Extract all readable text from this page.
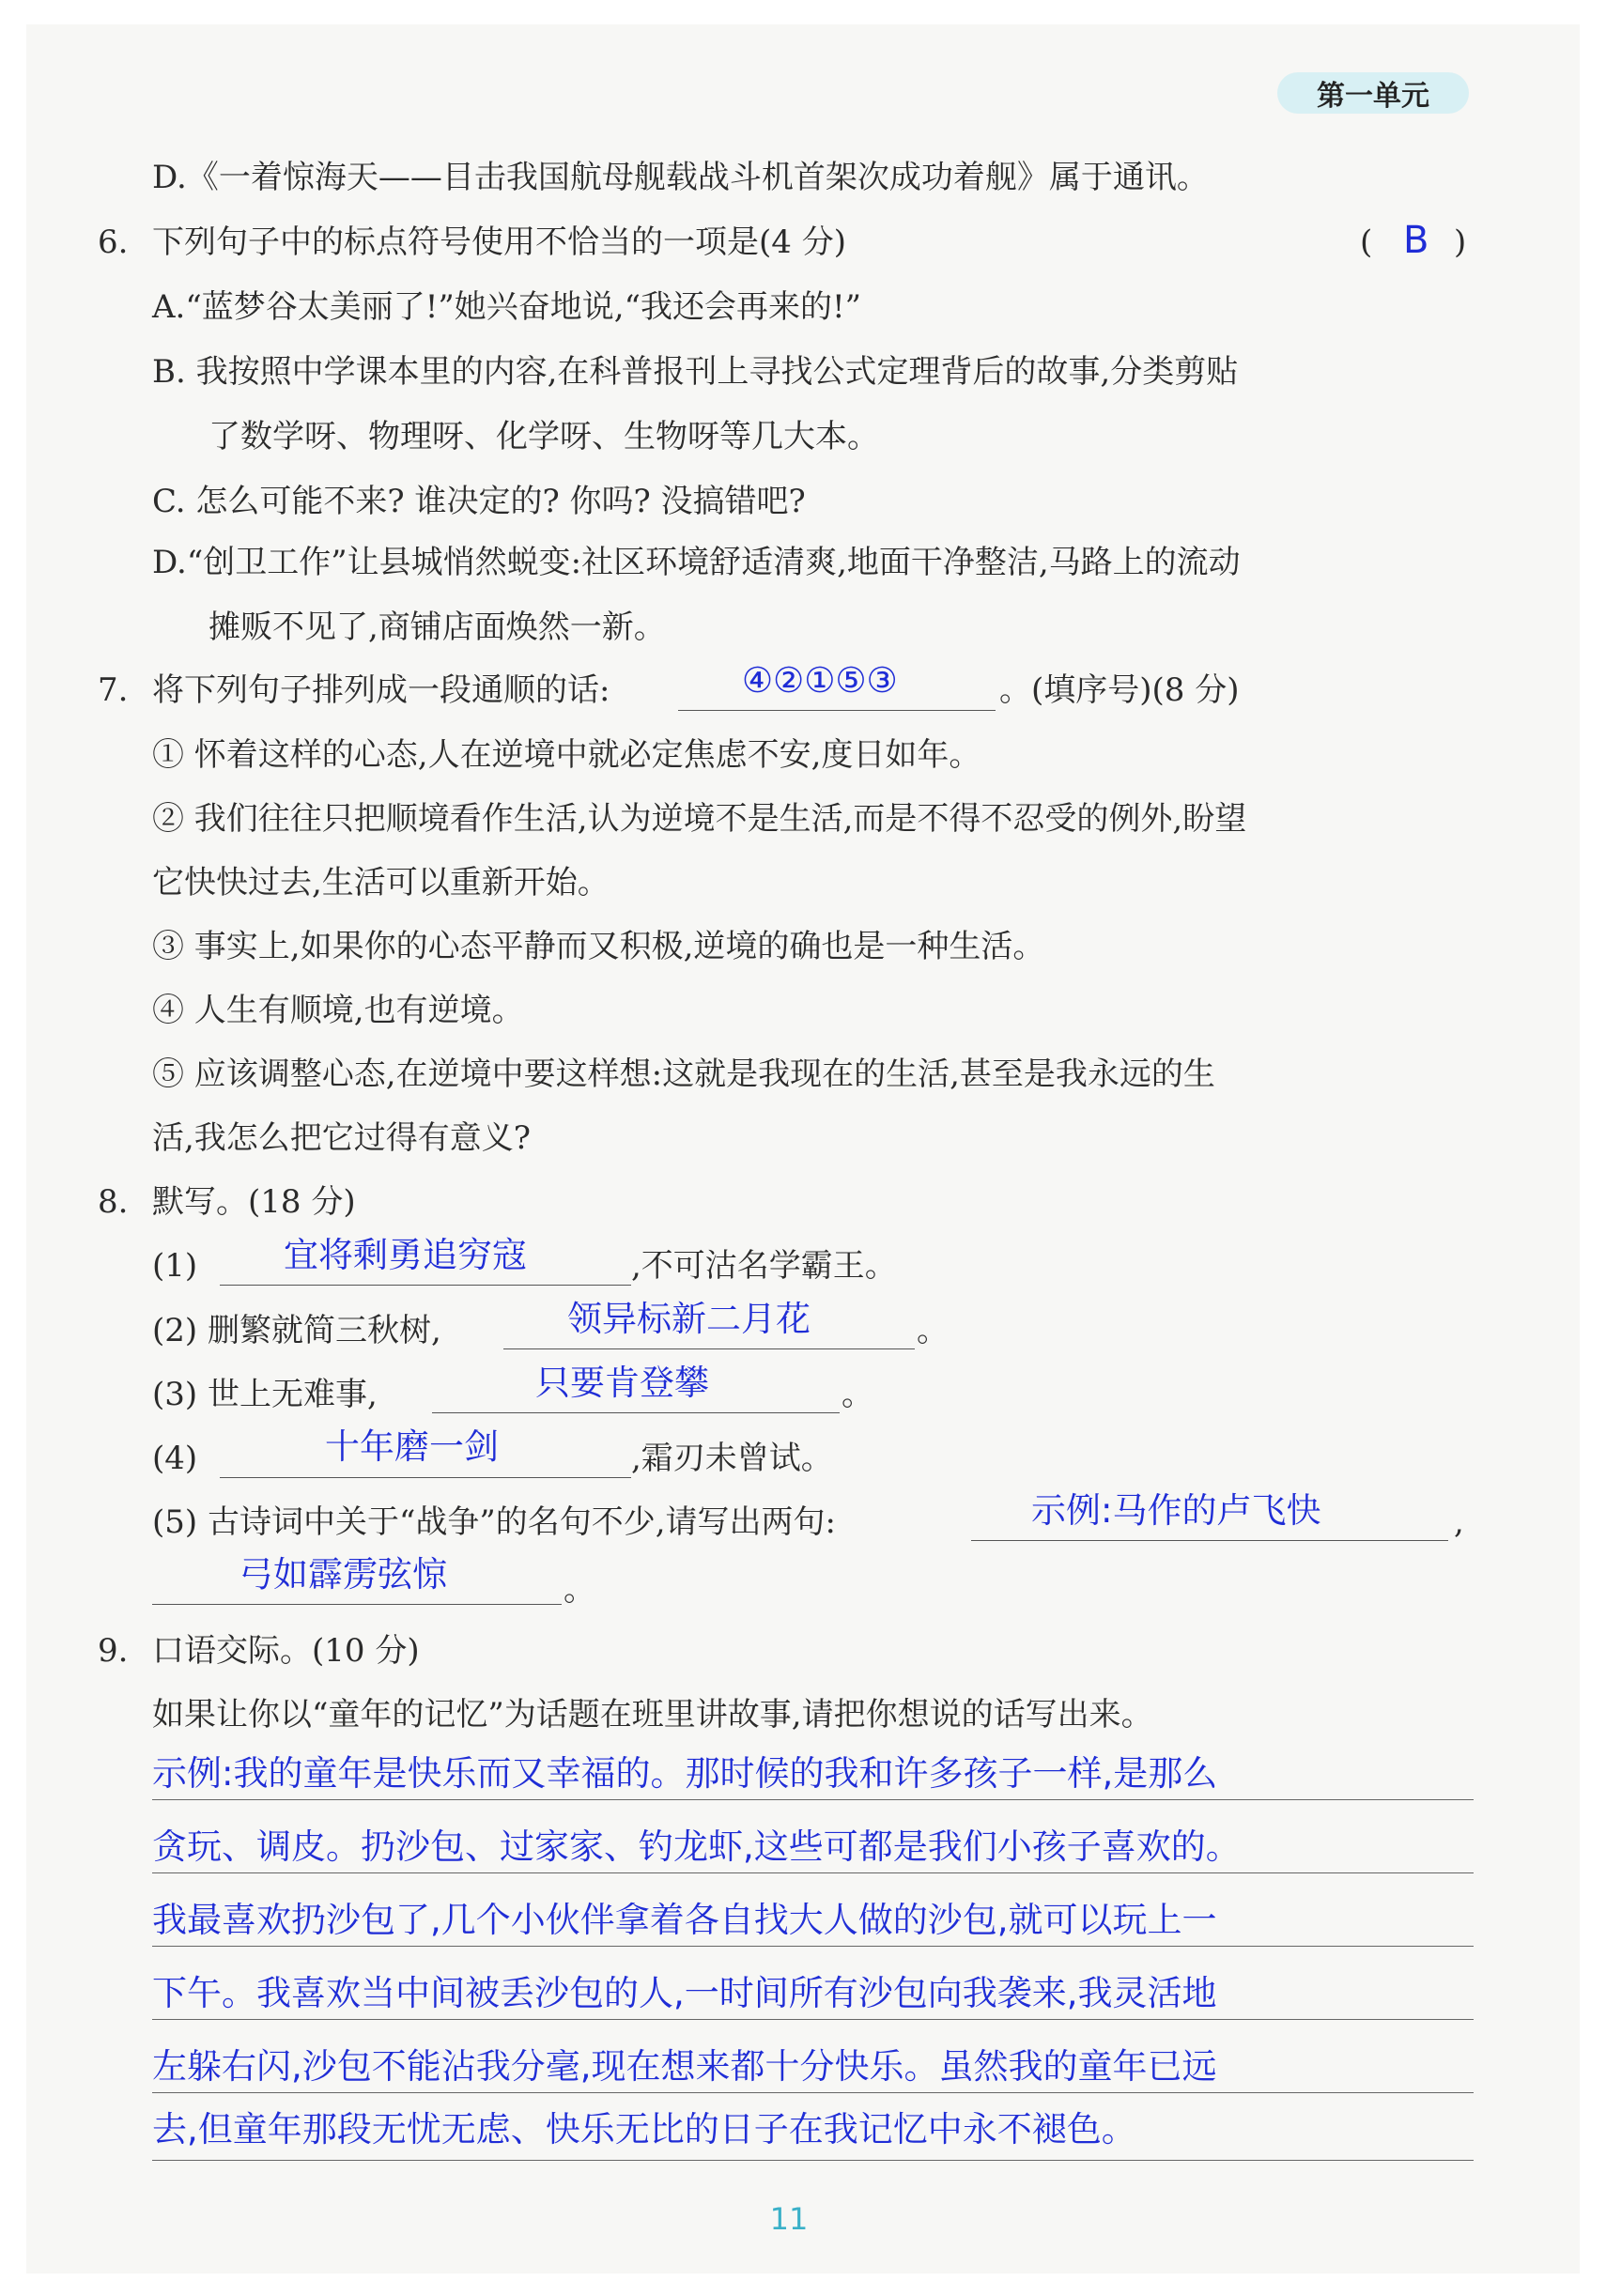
第一单元
D.《一着惊海天——目击我国航母舰载战斗机首架次成功着舰》属于通讯。
6. 下列句子中的标点符号使用不恰当的一项是(4 分)	( B )
A.“蓝梦谷太美丽了!”她兴奋地说,“我还会再来的!”
B. 我按照中学课本里的内容,在科普报刊上寻找公式定理背后的故事,分类剪贴
了数学呀、物理呀、化学呀、生物呀等几大本。
C. 怎么可能不来? 谁决定的? 你吗? 没搞错吧?
D.“创卫工作”让县城悄然蜕变:社区环境舒适清爽,地面干净整洁,马路上的流动
摊贩不见了,商铺店面焕然一新。
7. 将下列句子排列成一段通顺的话:	④②①⑤③	。(填序号)(8 分)
① 怀着这样的心态,人在逆境中就必定焦虑不安,度日如年。
② 我们往往只把顺境看作生活,认为逆境不是生活,而是不得不忍受的例外,盼望
它快快过去,生活可以重新开始。
③ 事实上,如果你的心态平静而又积极,逆境的确也是一种生活。
④ 人生有顺境,也有逆境。
⑤ 应该调整心态,在逆境中要这样想:这就是我现在的生活,甚至是我永远的生
活,我怎么把它过得有意义?
8. 默写。(18 分)
(1) 宜将剩勇追穷寇	,不可沽名学霸王。
(2) 删繁就简三秋树,	领异标新二月花	。
(3) 世上无难事,	只要肯登攀	。
(4)	十年磨一剑	,霜刃未曾试。
(5) 古诗词中关于“战争”的名句不少,请写出两句:	示例:马作的卢飞快	,
弓如霹雳弦惊	。
9. 口语交际。(10 分)
如果让你以“童年的记忆”为话题在班里讲故事,请把你想说的话写出来。
示例:我的童年是快乐而又幸福的。那时候的我和许多孩子一样,是那么
贪玩、调皮。扔沙包、过家家、钓龙虾,这些可都是我们小孩子喜欢的。
我最喜欢扔沙包了,几个小伙伴拿着各自找大人做的沙包,就可以玩上一
下午。我喜欢当中间被丢沙包的人,一时间所有沙包向我袭来,我灵活地
左躲右闪,沙包不能沾我分毫,现在想来都十分快乐。虽然我的童年已远
去,但童年那段无忧无虑、快乐无比的日子在我记忆中永不褪色。
11
